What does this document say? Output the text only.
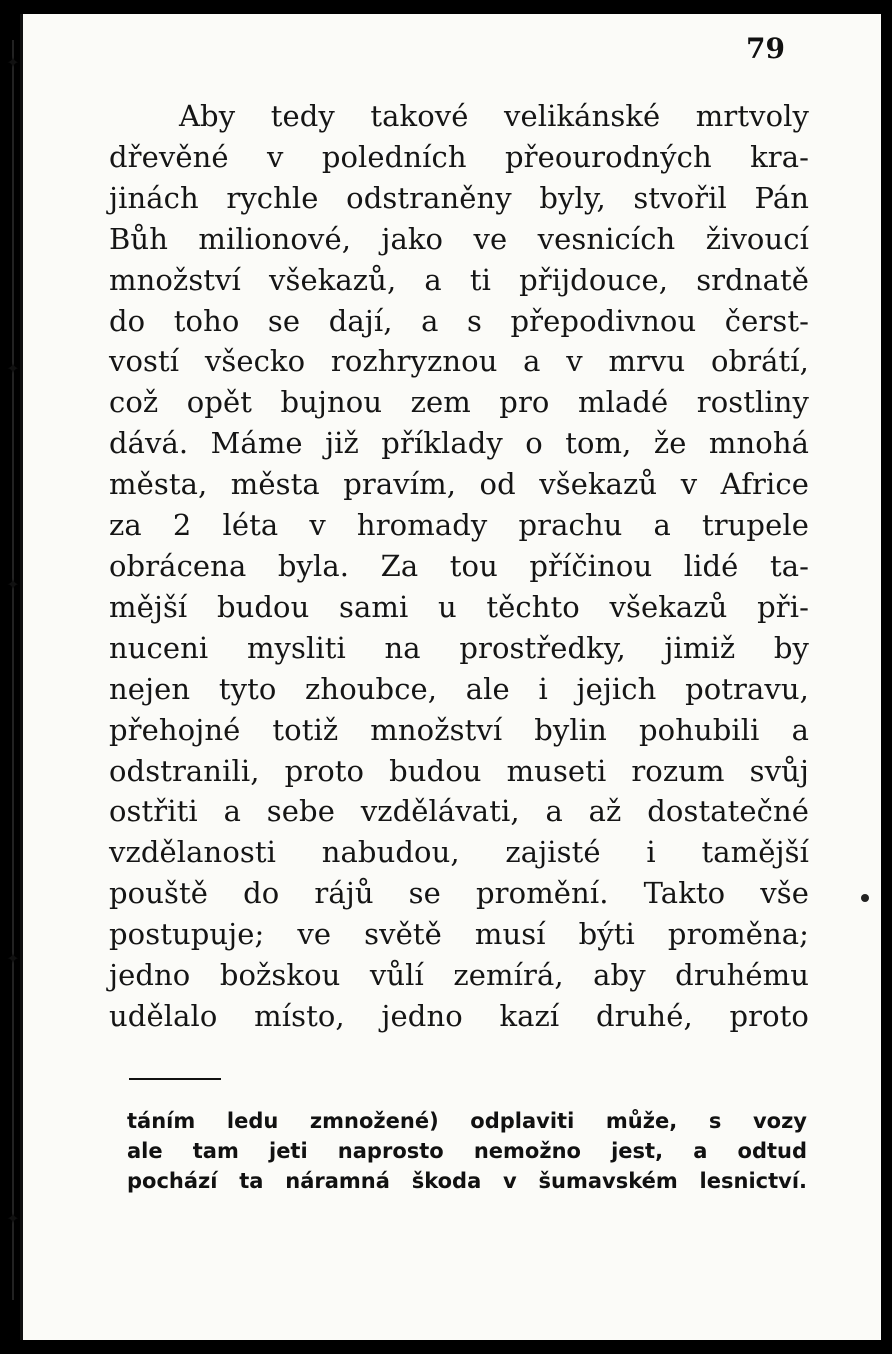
✦
✦
✦
✦
✦
79
Aby tedy takové velikánské mrtvoly
dřevěné v poledních přeourodných kra-
jinách rychle odstraněny byly, stvořil Pán
Bůh milionové, jako ve vesnicích živoucí
množství všekazů, a ti přijdouce, srdnatě
do toho se dají, a s přepodivnou čerst-
vostí všecko rozhryznou a v mrvu obrátí,
což opět bujnou zem pro mladé rostliny
dává. Máme již příklady o tom, že mnohá
města, města pravím, od všekazů v Africe
za 2 léta v hromady prachu a trupele
obrácena byla. Za tou příčinou lidé ta-
mější budou sami u těchto všekazů při-
nuceni mysliti na prostředky, jimiž by
nejen tyto zhoubce, ale i jejich potravu,
přehojné totiž množství bylin pohubili a
odstranili, proto budou museti rozum svůj
ostřiti a sebe vzdělávati, a až dostatečné
vzdělanosti nabudou, zajisté i tamější
pouště do rájů se promění. Takto vše
postupuje; ve světě musí býti proměna;
jedno božskou vůlí zemírá, aby druhému
udělalo místo, jedno kazí druhé, proto
táním ledu zmnožené) odplaviti může, s vozy
ale tam jeti naprosto nemožno jest, a odtud
pochází ta náramná škoda v šumavském lesnictví.
